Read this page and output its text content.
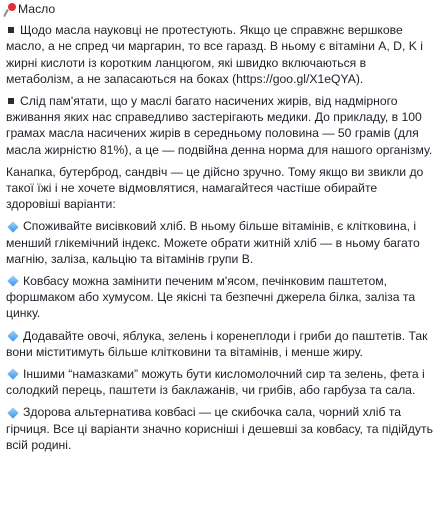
Масло

Щодо масла науковці не протестують. Якщо це справжнє вершкове масло, а не спред чи маргарин, то все гаразд. В ньому є вітаміни A, D, K і жирні кислоти із коротким ланцюгом, які швидко включаються в метаболізм, а не запасаються на боках (https://goo.gl/X1eQYA).

Слід пам'ятати, що у маслі багато насичених жирів, від надмірного вживання яких нас справедливо застерігають медики. До прикладу, в 100 грамах масла насичених жирів в середньому половина — 50 грамів (для масла жирністю 81%), а це — подвійна денна норма для нашого організму.

Канапка, бутерброд, сандвіч — це дійсно зручно. Тому якщо ви звикли до такої їжі і не хочете відмовлятися, намагайтеся частіше обирайте здоровіші варіанти:

Споживайте висівковий хліб. В ньому більше вітамінів, є клітковина, і менший глікемічний індекс. Можете обрати житній хліб — в ньому багато магнію, заліза, кальцію та вітамінів групи B.

Ковбасу можна замінити печеним м'ясом, печінковим паштетом, форшмаком або хумусом. Це якісні та безпечні джерела білка, заліза та цинку.

Додавайте овочі, яблука, зелень і коренеплоди і гриби до паштетів. Так вони міститимуть більше клітковини та вітамінів, і менше жиру.

Іншими “намазками” можуть бути кисломолочний сир та зелень, фета і солодкий перець, паштети із баклажанів, чи грибів, або гарбуза та сала.

Здорова альтернатива ковбасі — це скибочка сала, чорний хліб та гірчиця. Все ці варіанти значно корисніші і дешевші за ковбасу, та підійдуть всій родині.
